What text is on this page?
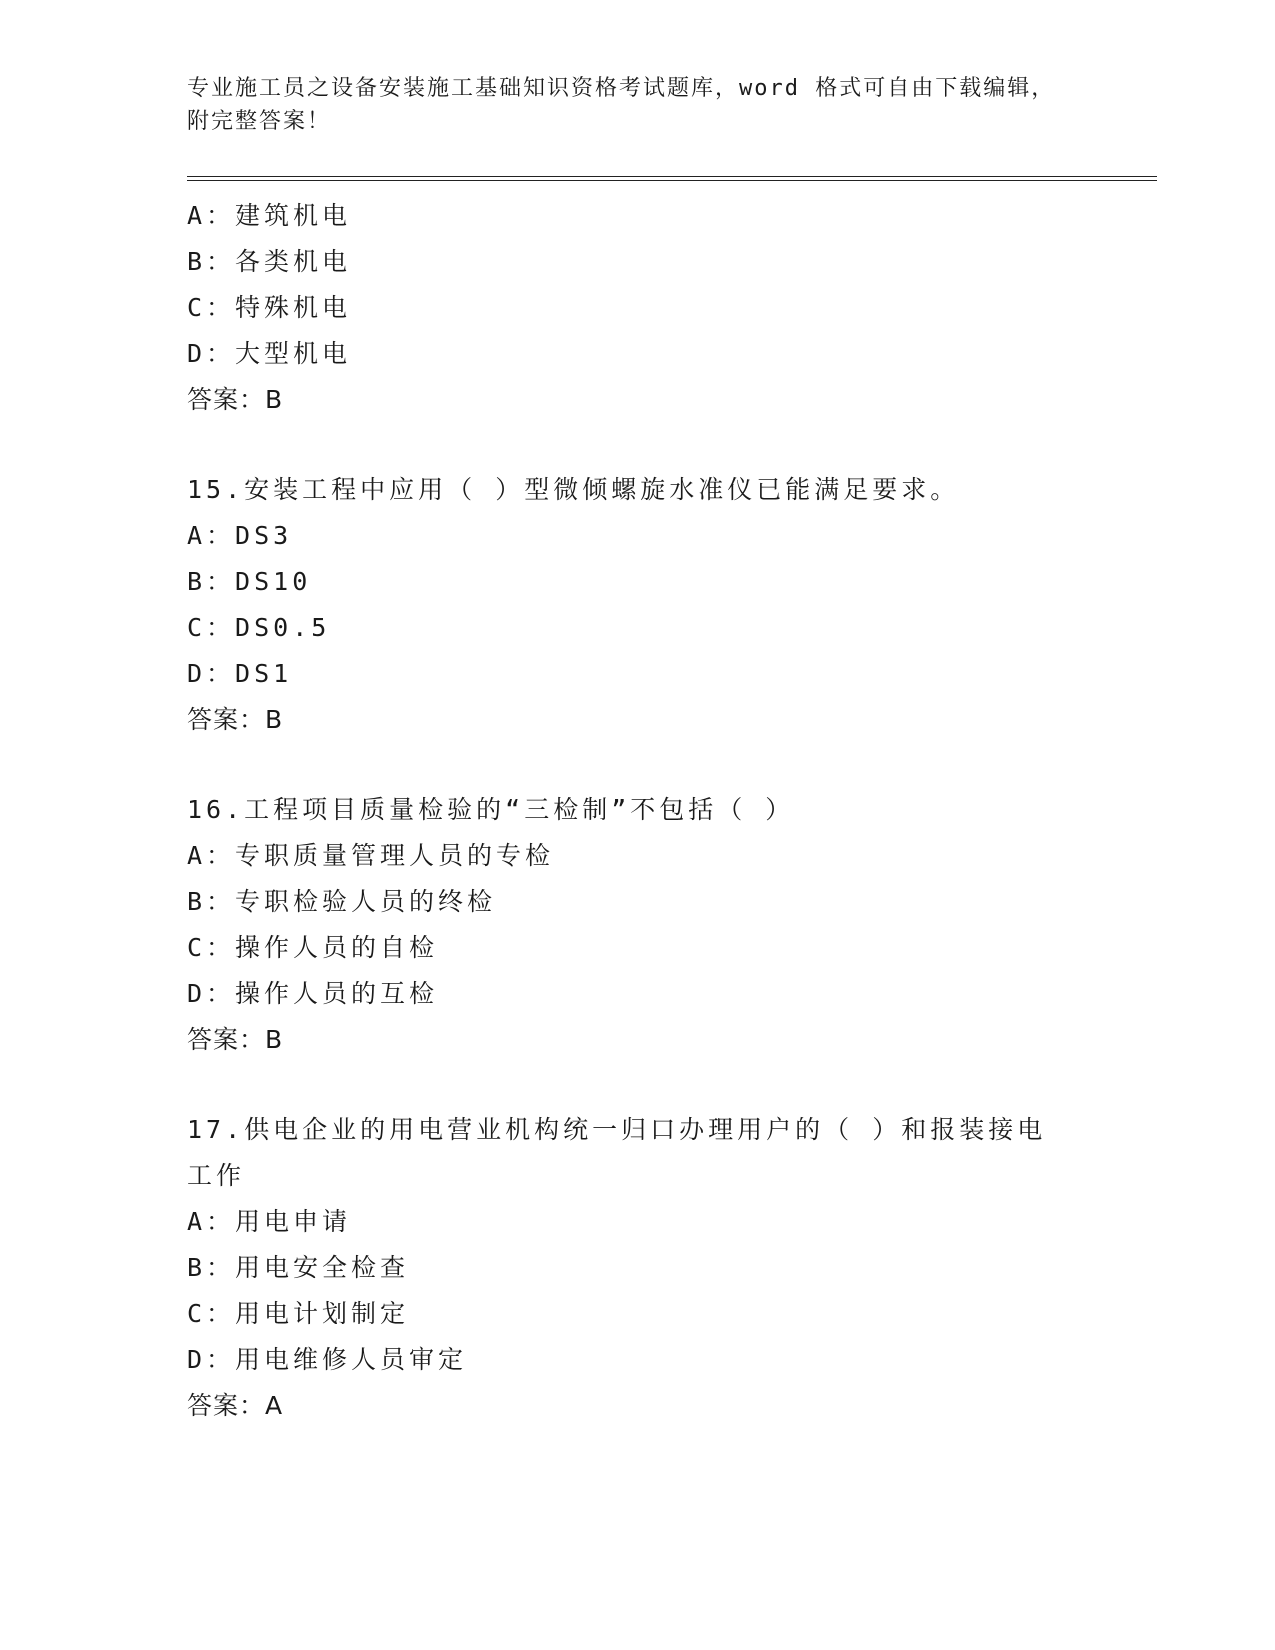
专业施工员之设备安装施工基础知识资格考试题库，word 格式可自由下载编辑，
附完整答案！

A：建筑机电

B：各类机电

C：特殊机电

D：大型机电

答案：B

15.安装工程中应用（ ）型微倾螺旋水准仪已能满足要求。

A：DS3

B：DS10

C：DS0.5

D：DS1

答案：B

16.工程项目质量检验的“三检制”不包括（ ）

A：专职质量管理人员的专检

B：专职检验人员的终检

C：操作人员的自检

D：操作人员的互检

答案：B

17.供电企业的用电营业机构统一归口办理用户的（ ）和报装接电工作

A：用电申请

B：用电安全检查

C：用电计划制定

D：用电维修人员审定

答案：A
